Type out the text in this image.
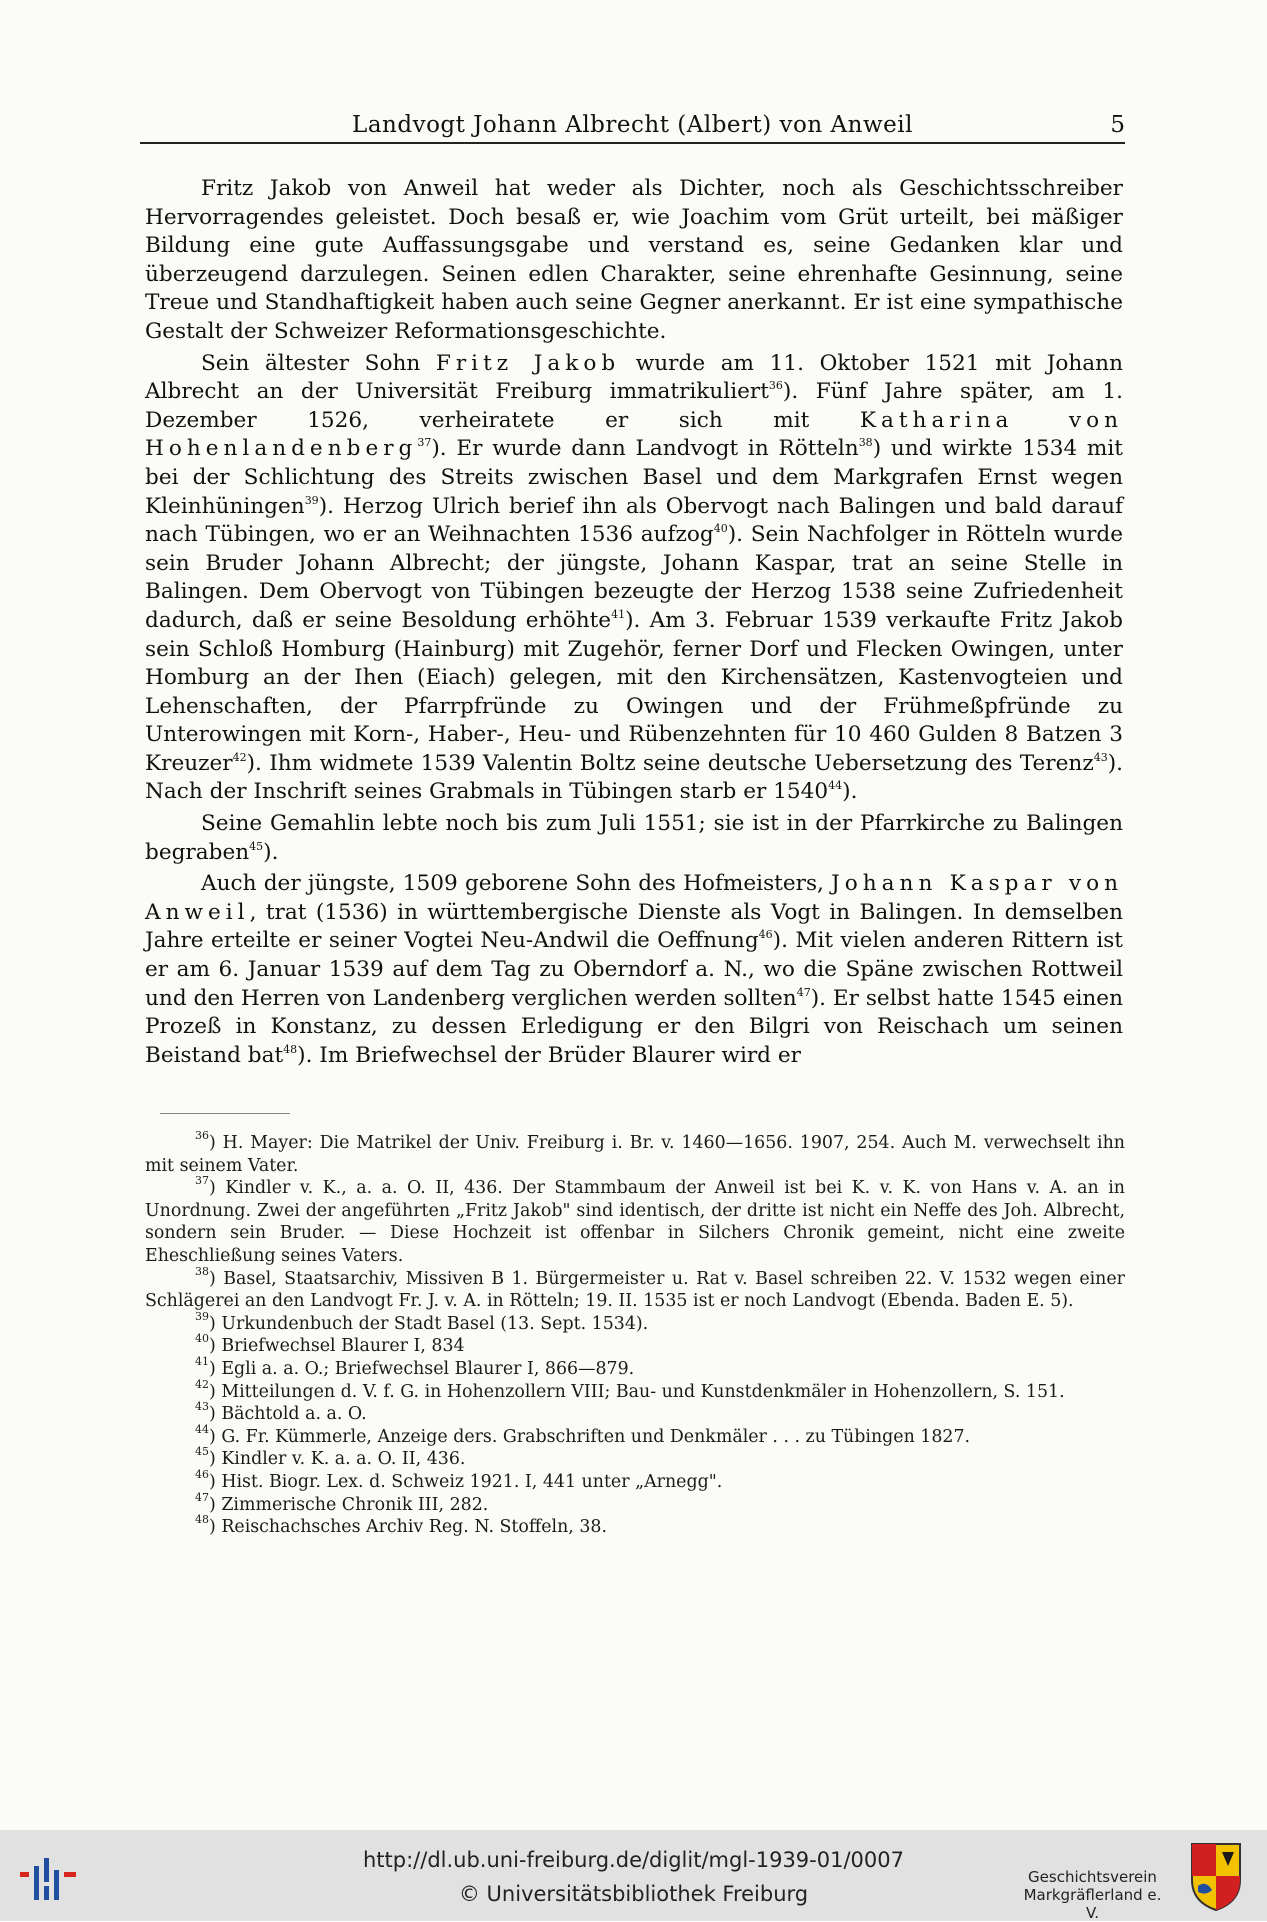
Landvogt Johann Albrecht (Albert) von Anweil	5

Fritz Jakob von Anweil hat weder als Dichter, noch als Geschichtsschreiber Hervorragendes geleistet. Doch besaß er, wie Joachim vom Grüt urteilt, bei mäßiger Bildung eine gute Auffassungsgabe und verstand es, seine Gedanken klar und überzeugend darzulegen. Seinen edlen Charakter, seine ehrenhafte Gesinnung, seine Treue und Standhaftigkeit haben auch seine Gegner anerkannt. Er ist eine sympathische Gestalt der Schweizer Reformationsgeschichte.

Sein ältester Sohn Fritz Jakob wurde am 11. Oktober 1521 mit Johann Albrecht an der Universität Freiburg immatrikuliert$^{36}$). Fünf Jahre später, am 1. Dezember 1526, verheiratete er sich mit Katharina von Hohenlandenberg$^{37}$). Er wurde dann Landvogt in Rötteln$^{38}$) und wirkte 1534 mit bei der Schlichtung des Streits zwischen Basel und dem Markgrafen Ernst wegen Kleinhüningen$^{39}$). Herzog Ulrich berief ihn als Obervogt nach Balingen und bald darauf nach Tübingen, wo er an Weihnachten 1536 aufzog$^{40}$). Sein Nachfolger in Rötteln wurde sein Bruder Johann Albrecht; der jüngste, Johann Kaspar, trat an seine Stelle in Balingen. Dem Obervogt von Tübingen bezeugte der Herzog 1538 seine Zufriedenheit dadurch, daß er seine Besoldung erhöhte$^{41}$). Am 3. Februar 1539 verkaufte Fritz Jakob sein Schloß Homburg (Hainburg) mit Zugehör, ferner Dorf und Flecken Owingen, unter Homburg an der Ihen (Eiach) gelegen, mit den Kirchensätzen, Kastenvogteien und Lehenschaften, der Pfarrpfründe zu Owingen und der Frühmeßpfründe zu Unterowingen mit Korn-, Haber-, Heu- und Rübenzehnten für 10 460 Gulden 8 Batzen 3 Kreuzer$^{42}$). Ihm widmete 1539 Valentin Boltz seine deutsche Uebersetzung des Terenz$^{43}$). Nach der Inschrift seines Grabmals in Tübingen starb er 1540$^{44}$).

Seine Gemahlin lebte noch bis zum Juli 1551; sie ist in der Pfarrkirche zu Balingen begraben$^{45}$).

Auch der jüngste, 1509 geborene Sohn des Hofmeisters, Johann Kaspar von Anweil, trat (1536) in württembergische Dienste als Vogt in Balingen. In demselben Jahre erteilte er seiner Vogtei Neu-Andwil die Oeffnung$^{46}$). Mit vielen anderen Rittern ist er am 6. Januar 1539 auf dem Tag zu Oberndorf a. N., wo die Späne zwischen Rottweil und den Herren von Landenberg verglichen werden sollten$^{47}$). Er selbst hatte 1545 einen Prozeß in Konstanz, zu dessen Erledigung er den Bilgri von Reischach um seinen Beistand bat$^{48}$). Im Briefwechsel der Brüder Blaurer wird er

$^{36}$) H. Mayer: Die Matrikel der Univ. Freiburg i. Br. v. 1460—1656. 1907, 254. Auch M. verwechselt ihn mit seinem Vater.

$^{37}$) Kindler v. K., a. a. O. II, 436. Der Stammbaum der Anweil ist bei K. v. K. von Hans v. A. an in Unordnung. Zwei der angeführten „Fritz Jakob" sind identisch, der dritte ist nicht ein Neffe des Joh. Albrecht, sondern sein Bruder. — Diese Hochzeit ist offenbar in Silchers Chronik gemeint, nicht eine zweite Eheschließung seines Vaters.

$^{38}$) Basel, Staatsarchiv, Missiven B 1. Bürgermeister u. Rat v. Basel schreiben 22. V. 1532 wegen einer Schlägerei an den Landvogt Fr. J. v. A. in Rötteln; 19. II. 1535 ist er noch Landvogt (Ebenda. Baden E. 5).

$^{39}$) Urkundenbuch der Stadt Basel (13. Sept. 1534).

$^{40}$) Briefwechsel Blaurer I, 834

$^{41}$) Egli a. a. O.; Briefwechsel Blaurer I, 866—879.

$^{42}$) Mitteilungen d. V. f. G. in Hohenzollern VIII; Bau- und Kunstdenkmäler in Hohenzollern, S. 151.

$^{43}$) Bächtold a. a. O.

$^{44}$) G. Fr. Kümmerle, Anzeige ders. Grabschriften und Denkmäler . . . zu Tübingen 1827.

$^{45}$) Kindler v. K. a. a. O. II, 436.

$^{46}$) Hist. Biogr. Lex. d. Schweiz 1921. I, 441 unter „Arnegg".

$^{47}$) Zimmerische Chronik III, 282.

$^{48}$) Reischachsches Archiv Reg. N. Stoffeln, 38.

http://dl.ub.uni-freiburg.de/diglit/mgl-1939-01/0007
© Universitätsbibliothek Freiburg
Geschichtsverein
Markgräflerland e. V.
